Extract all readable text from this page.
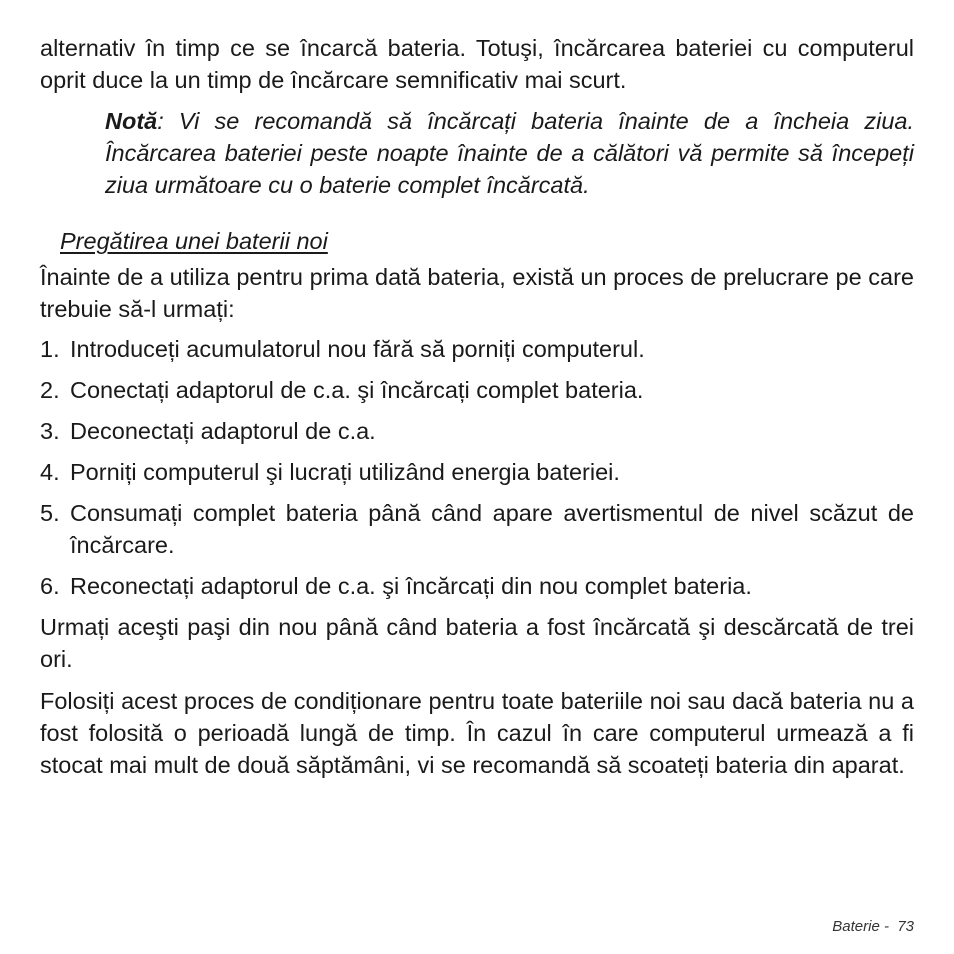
alternativ în timp ce se încarcă bateria. Totuşi, încărcarea bateriei cu computerul oprit duce la un timp de încărcare semnificativ mai scurt.

Notă: Vi se recomandă să încărcați bateria înainte de a încheia ziua. Încărcarea bateriei peste noapte înainte de a călători vă permite să începeți ziua următoare cu o baterie complet încărcată.

Pregătirea unei baterii noi

Înainte de a utiliza pentru prima dată bateria, există un proces de prelucrare pe care trebuie să-l urmați:

1. Introduceți acumulatorul nou fără să porniți computerul.
2. Conectați adaptorul de c.a. şi încărcați complet bateria.
3. Deconectați adaptorul de c.a.
4. Porniți computerul şi lucrați utilizând energia bateriei.
5. Consumați complet bateria până când apare avertismentul de nivel scăzut de încărcare.
6. Reconectați adaptorul de c.a. şi încărcați din nou complet bateria.

Urmați aceşti paşi din nou până când bateria a fost încărcată şi descărcată de trei ori.

Folosiți acest proces de condiționare pentru toate bateriile noi sau dacă bateria nu a fost folosită o perioadă lungă de timp. În cazul în care computerul urmează a fi stocat mai mult de două săptămâni, vi se recomandă să scoateți bateria din aparat.

Baterie - 73
